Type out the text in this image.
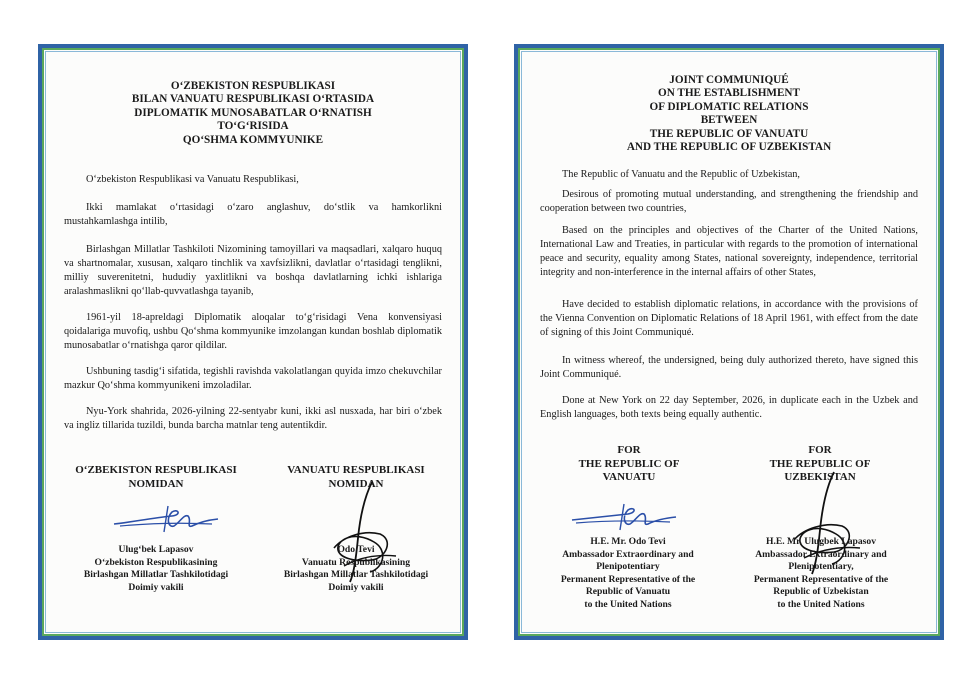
O‘ZBEKISTON RESPUBLIKASI
BILAN VANUATU RESPUBLIKASI O‘RTASIDA
DIPLOMATIK MUNOSABATLAR O‘RNATISH
TO‘G‘RISIDA
QO‘SHMA KOMMYUNIKE
O‘zbekiston Respublikasi va Vanuatu Respublikasi,
Ikki mamlakat o‘rtasidagi o‘zaro anglashuv, do‘stlik va hamkorlikni mustahkamlashga intilib,
Birlashgan Millatlar Tashkiloti Nizomining tamoyillari va maqsadlari, xalqaro huquq va shartnomalar, xususan, xalqaro tinchlik va xavfsizlikni, davlatlar o‘rtasidagi tenglikni, milliy suverenitetni, hududiy yaxlitlikni va boshqa davlatlarning ichki ishlariga aralashmaslikni qo‘llab-quvvatlashga tayanib,
1961-yil 18-apreldagi Diplomatik aloqalar to‘g‘risidagi Vena konvensiyasi qoidalariga muvofiq, ushbu Qo‘shma kommyunike imzolangan kundan boshlab diplomatik munosabatlar o‘rnatishga qaror qildilar.
Ushbuning tasdig‘i sifatida, tegishli ravishda vakolatlangan quyida imzo chekuvchilar mazkur Qo‘shma kommyunikeni imzoladilar.
Nyu-York shahrida, 2026-yilning 22-sentyabr kuni, ikki asl nusxada, har biri o‘zbek va ingliz tillarida tuzildi, bunda barcha matnlar teng autentikdir.
O‘ZBEKISTON RESPUBLIKASI
NOMIDAN
VANUATU RESPUBLIKASI
NOMIDAN
Ulug‘bek Lapasov
O‘zbekiston Respublikasining
Birlashgan Millatlar Tashkilotidagi
Doimiy vakili
Odo Tevi
Vanuatu Respublikasining
Birlashgan Millatlar Tashkilotidagi
Doimiy vakili
JOINT COMMUNIQUÉ
ON THE ESTABLISHMENT
OF DIPLOMATIC RELATIONS
BETWEEN
THE REPUBLIC OF VANUATU
AND THE REPUBLIC OF UZBEKISTAN
The Republic of Vanuatu and the Republic of Uzbekistan,
Desirous of promoting mutual understanding, and strengthening the friendship and cooperation between two countries,
Based on the principles and objectives of the Charter of the United Nations, International Law and Treaties, in particular with regards to the promotion of international peace and security, equality among States, national sovereignty, independence, territorial integrity and non-interference in the internal affairs of other States,
Have decided to establish diplomatic relations, in accordance with the provisions of the Vienna Convention on Diplomatic Relations of 18 April 1961, with effect from the date of signing of this Joint Communiqué.
In witness whereof, the undersigned, being duly authorized thereto, have signed this Joint Communiqué.
Done at New York on 22 day September, 2026, in duplicate each in the Uzbek and English languages, both texts being equally authentic.
FOR
THE REPUBLIC OF
VANUATU
FOR
THE REPUBLIC OF
UZBEKISTAN
H.E. Mr. Odo Tevi
Ambassador Extraordinary and
Plenipotentiary
Permanent Representative of the
Republic of Vanuatu
to the United Nations
H.E. Mr. Ulugbek Lapasov
Ambassador Extraordinary and
Plenipotentiary,
Permanent Representative of the
Republic of Uzbekistan
to the United Nations
